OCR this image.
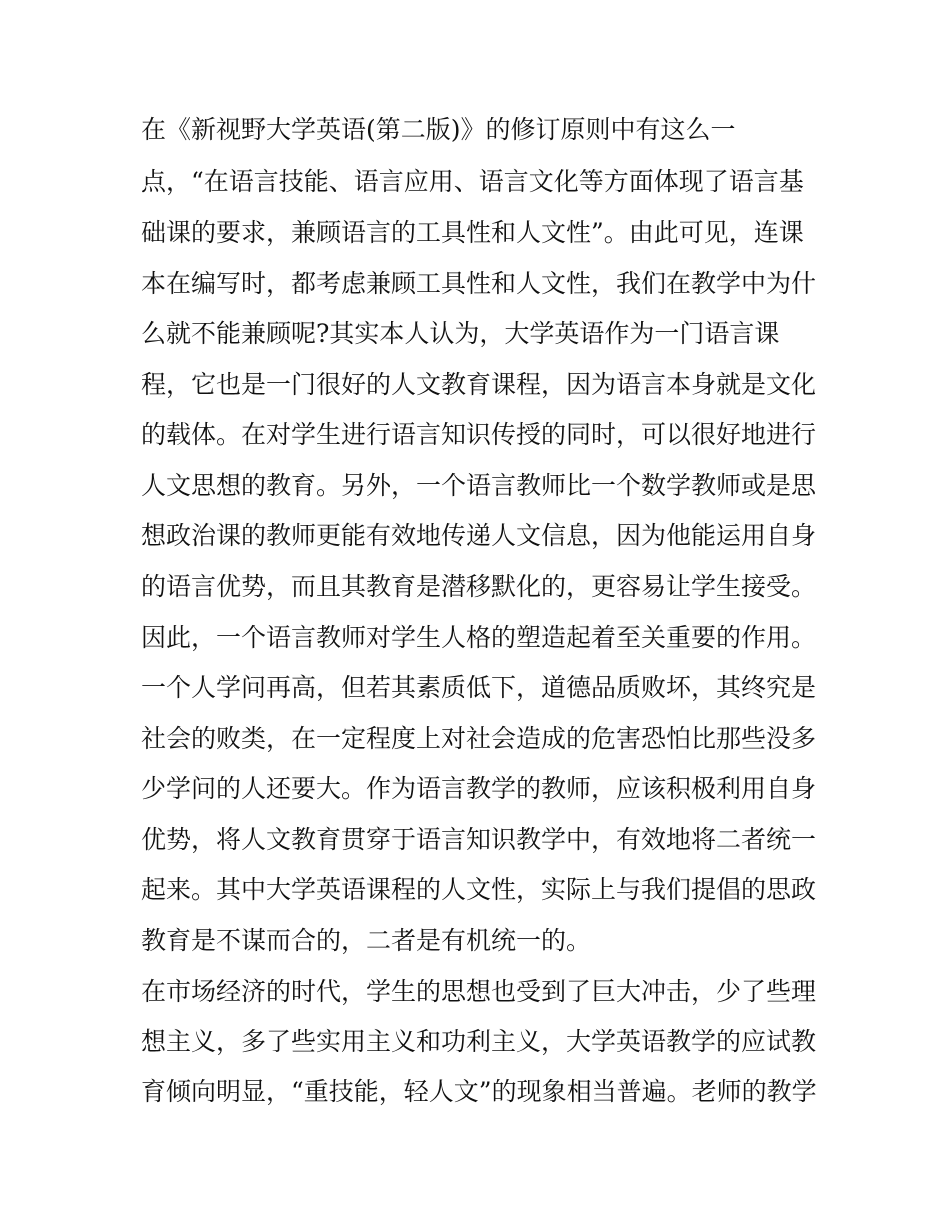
在《新视野大学英语(第二版)》的修订原则中有这么一

点，“在语言技能、语言应用、语言文化等方面体现了语言基

础课的要求，兼顾语言的工具性和人文性”。由此可见，连课

本在编写时，都考虑兼顾工具性和人文性，我们在教学中为什

么就不能兼顾呢?其实本人认为，大学英语作为一门语言课

程，它也是一门很好的人文教育课程，因为语言本身就是文化

的载体。在对学生进行语言知识传授的同时，可以很好地进行

人文思想的教育。另外，一个语言教师比一个数学教师或是思

想政治课的教师更能有效地传递人文信息，因为他能运用自身

的语言优势，而且其教育是潜移默化的，更容易让学生接受。

因此，一个语言教师对学生人格的塑造起着至关重要的作用。

一个人学问再高，但若其素质低下，道德品质败坏，其终究是

社会的败类，在一定程度上对社会造成的危害恐怕比那些没多

少学问的人还要大。作为语言教学的教师，应该积极利用自身

优势，将人文教育贯穿于语言知识教学中，有效地将二者统一

起来。其中大学英语课程的人文性，实际上与我们提倡的思政

教育是不谋而合的，二者是有机统一的。

在市场经济的时代，学生的思想也受到了巨大冲击，少了些理

想主义，多了些实用主义和功利主义，大学英语教学的应试教

育倾向明显，“重技能，轻人文”的现象相当普遍。老师的教学
